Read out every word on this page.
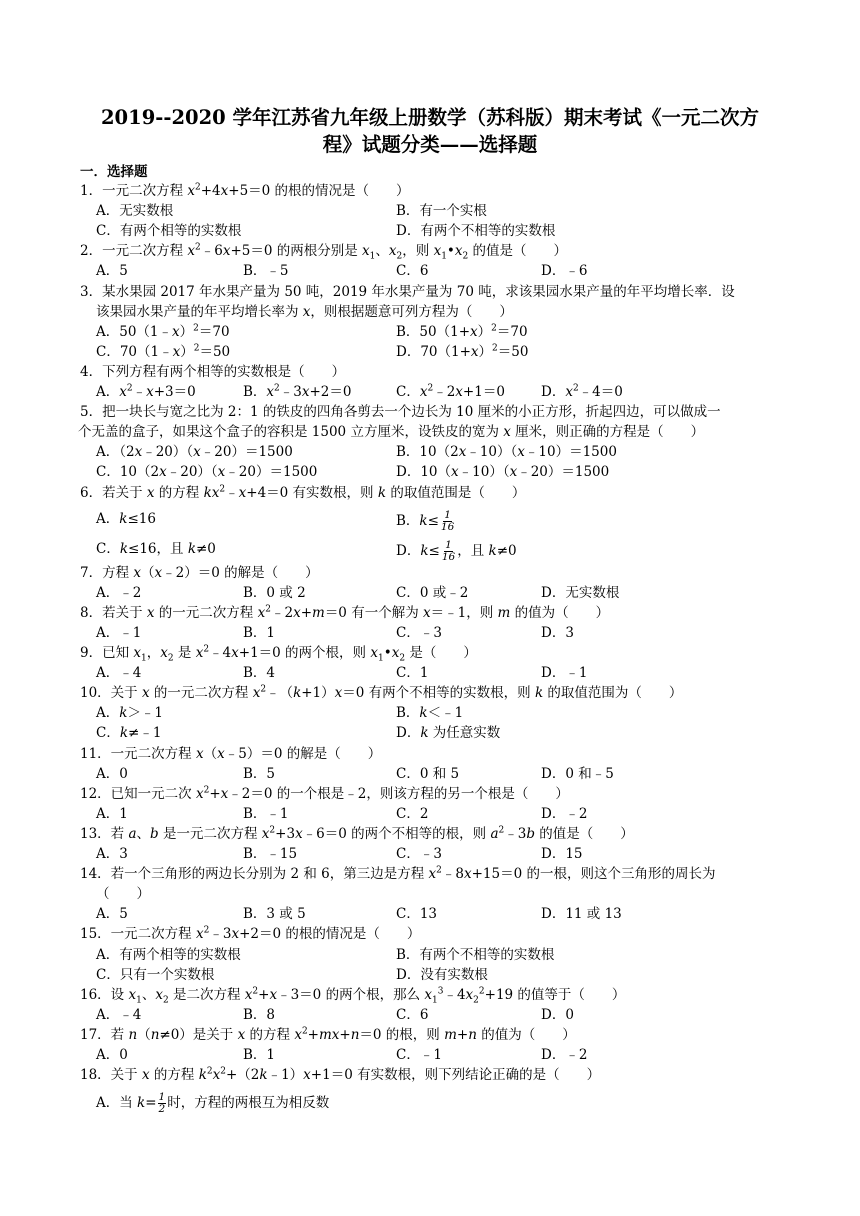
2019--2020 学年江苏省九年级上册数学（苏科版）期末考试《一元二次方
程》试题分类——选择题
一．选择题
1．一元二次方程 $x^2+4x+5=0$ 的根的情况是（　　）
A．无实数根	B．有一个实根
C．有两个相等的实数根	D．有两个不相等的实数根
2．一元二次方程 $x^2﹣6x+5=0$ 的两根分别是 $x_1$、$x_2$，则 $x_1•x_2$ 的值是（　　）
A．5	B．﹣5	C．6	D．﹣6
3．某水果园 2017 年水果产量为 50 吨，2019 年水果产量为 70 吨，求该果园水果产量的年平均增长率．设
该果园水果产量的年平均增长率为 x，则根据题意可列方程为（　　）
A．50（1﹣x）$^2$＝70	B．$50(1+x)^2=70$
C．70（1﹣x）$^2$＝50	D．$70(1+x)^2=50$
4．下列方程有两个相等的实数根是（　　）
A．$x^2﹣x+3=0$	B．$x^2﹣3x+2=0$	C．$x^2﹣2x+1=0$	D．$x^2﹣4=0$
5．把一块长与宽之比为 2：1 的铁皮的四角各剪去一个边长为 10 厘米的小正方形，折起四边，可以做成一
个无盖的盒子，如果这个盒子的容积是 1500 立方厘米，设铁皮的宽为 x 厘米，则正确的方程是（　　）
A．（2x﹣20）（x﹣20）＝1500	B．10（2x﹣10）（x﹣10）＝1500
C．10（2x﹣20）（x﹣20）＝1500	D．10（x﹣10）（x﹣20）＝1500
6．若关于 x 的方程 $kx^2﹣x+4=0$ 有实数根，则 k 的取值范围是（　　）
A．k≤16	B．$k\le \frac{1}{16}$
C．k≤16，且 k≠0	D．$k\le \frac{1}{16}$ ，且 k≠0
7．方程 x（x﹣2）＝0 的解是（　　）
A．﹣2	B．0 或 2	C．0 或﹣2	D．无实数根
8．若关于 x 的一元二次方程 $x^2﹣2x+m=0$ 有一个解为 x＝﹣1，则 m 的值为（　　）
A．﹣1	B．1	C．﹣3	D．3
9．已知 $x_1$，$x_2$ 是 $x^2﹣4x+1=0$ 的两个根，则 $x_1•x_2$ 是（　　）
A．﹣4	B．4	C．1	D．﹣1
10．关于 x 的一元二次方程 $x^2﹣(k+1)x=0$ 有两个不相等的实数根，则 k 的取值范围为（　　）
A．k＞﹣1	B．k＜﹣1
C．k≠﹣1	D．k 为任意实数
11．一元二次方程 x（x﹣5）＝0 的解是（　　）
A．0	B．5	C．0 和 5	D．0 和﹣5
12．已知一元二次 $x^2+x﹣2=0$ 的一个根是﹣2，则该方程的另一个根是（　　）
A．1	B．﹣1	C．2	D．﹣2
13．若 a、b 是一元二次方程 $x^2+3x﹣6=0$ 的两个不相等的根，则 $a^2﹣3b$ 的值是（　　）
A．3	B．﹣15	C．﹣3	D．15
14．若一个三角形的两边长分别为 2 和 6，第三边是方程 $x^2﹣8x+15=0$ 的一根，则这个三角形的周长为
（　　）
A．5	B．3 或 5	C．13	D．11 或 13
15．一元二次方程 $x^2﹣3x+2=0$ 的根的情况是（　　）
A．有两个相等的实数根	B．有两个不相等的实数根
C．只有一个实数根	D．没有实数根
16．设 $x_1$、$x_2$ 是二次方程 $x^2+x﹣3=0$ 的两个根，那么 $x_1^3﹣4x_2^2+19$ 的值等于（　　）
A．﹣4	B．8	C．6	D．0
17．若 n（n≠0）是关于 x 的方程 $x^2+mx+n=0$ 的根，则 m+n 的值为（　　）
A．0	B．1	C．﹣1	D．﹣2
18．关于 x 的方程 $k^2x^2+(2k﹣1)x+1=0$ 有实数根，则下列结论正确的是（　　）
A．当 $k= \frac{1}{2}$ 时，方程的两根互为相反数
